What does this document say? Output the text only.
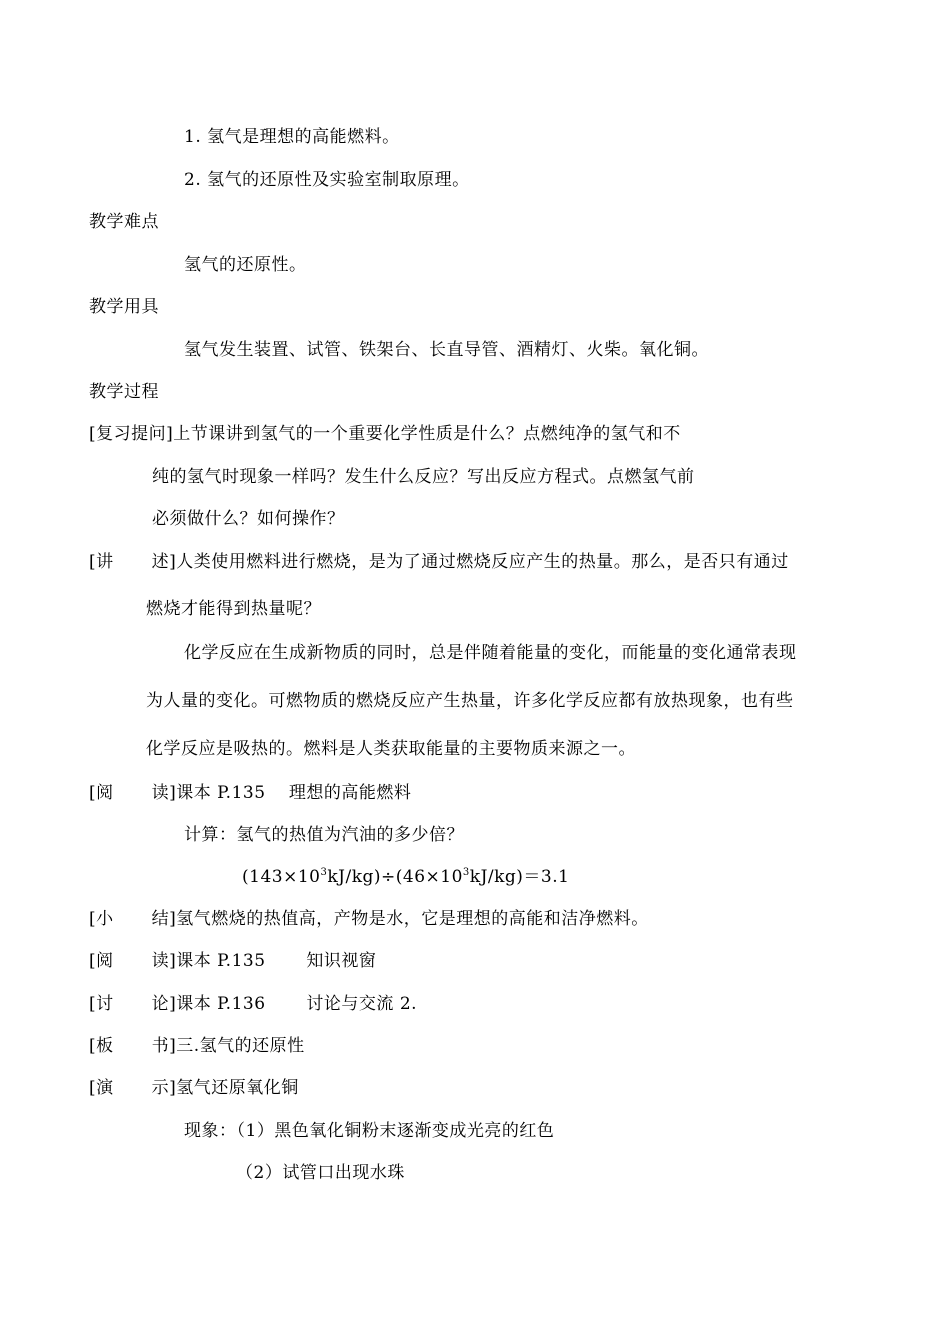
1. 氢气是理想的高能燃料。
2. 氢气的还原性及实验室制取原理。
教学难点
氢气的还原性。
教学用具
氢气发生装置、试管、铁架台、长直导管、酒精灯、火柴。氧化铜。
教学过程
[复习提问]上节课讲到氢气的一个重要化学性质是什么？点燃纯净的氢气和不
纯的氢气时现象一样吗？发生什么反应？写出反应方程式。点燃氢气前
必须做什么？如何操作？
[讲 述]人类使用燃料进行燃烧，是为了通过燃烧反应产生的热量。那么，是否只有通过
燃烧才能得到热量呢？
化学反应在生成新物质的同时，总是伴随着能量的变化，而能量的变化通常表现
为人量的变化。可燃物质的燃烧反应产生热量，许多化学反应都有放热现象，也有些
化学反应是吸热的。燃料是人类获取能量的主要物质来源之一。
[阅 读]课本 P.135　 理想的高能燃料
计算：氢气的热值为汽油的多少倍？
$(143\times 10^3kJ/kg)\div(46\times 10^3kJ/kg)=3.1$
[小 结]氢气燃烧的热值高，产物是水，它是理想的高能和洁净燃料。
[阅 读]课本 P.135　　 知识视窗
[讨 论]课本 P.136　　 讨论与交流 2.
[板 书]三.氢气的还原性
[演 示]氢气还原氧化铜
现象：（1）黑色氧化铜粉末逐渐变成光亮的红色
（2）试管口出现水珠
